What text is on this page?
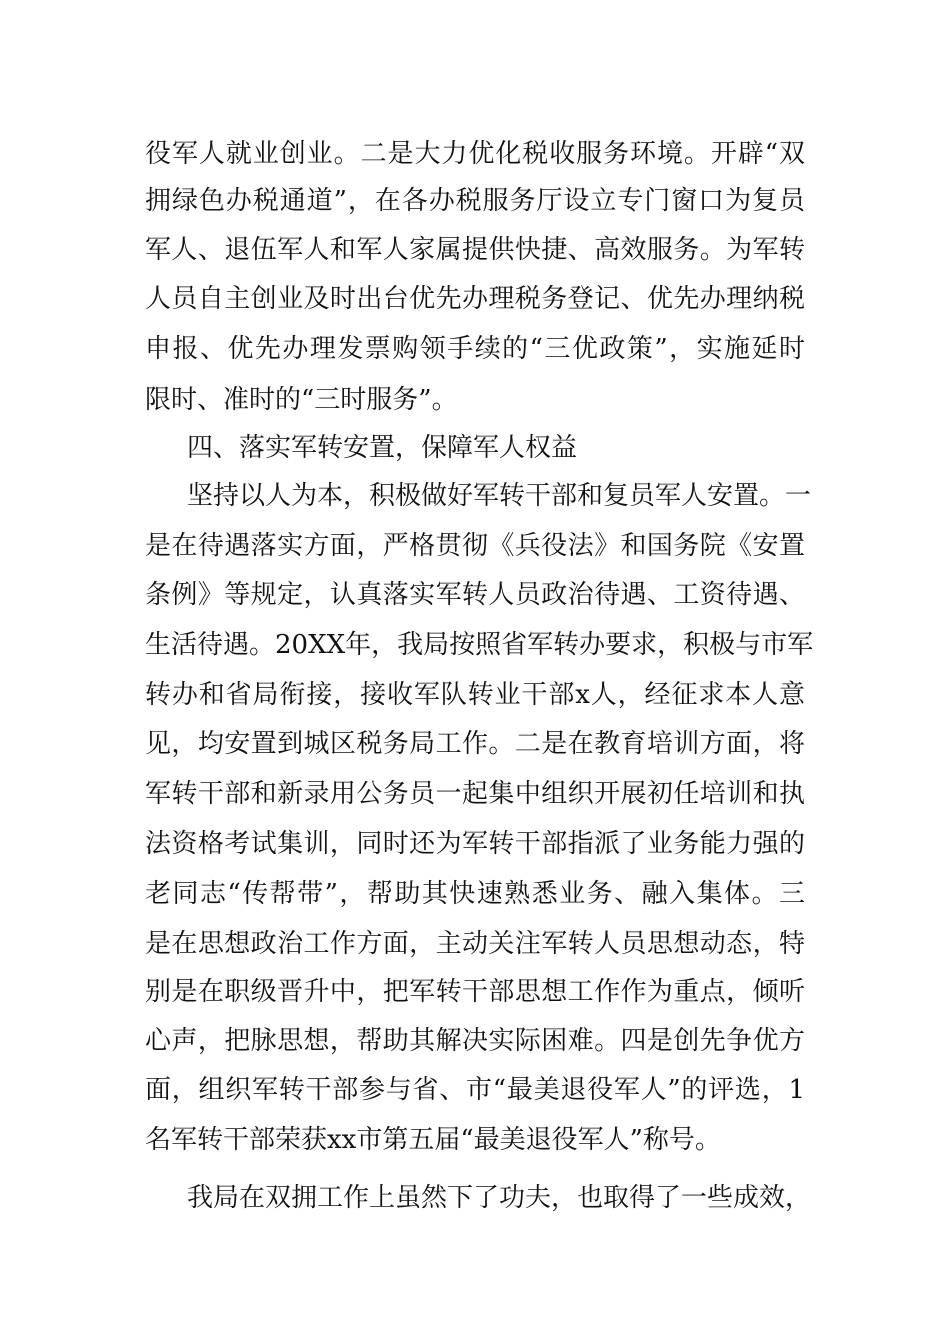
役军人就业创业。二是大力优化税收服务环境。开辟“双
拥绿色办税通道”，在各办税服务厅设立专门窗口为复员
军人、退伍军人和军人家属提供快捷、高效服务。为军转
人员自主创业及时出台优先办理税务登记、优先办理纳税
申报、优先办理发票购领手续的“三优政策”，实施延时
限时、准时的“三时服务”。
四、落实军转安置，保障军人权益
坚持以人为本，积极做好军转干部和复员军人安置。一
是在待遇落实方面，严格贯彻《兵役法》和国务院《安置
条例》等规定，认真落实军转人员政治待遇、工资待遇、
生活待遇。20XX年，我局按照省军转办要求，积极与市军
转办和省局衔接，接收军队转业干部x人，经征求本人意
见，均安置到城区税务局工作。二是在教育培训方面，将
军转干部和新录用公务员一起集中组织开展初任培训和执
法资格考试集训，同时还为军转干部指派了业务能力强的
老同志“传帮带”，帮助其快速熟悉业务、融入集体。三
是在思想政治工作方面，主动关注军转人员思想动态，特
别是在职级晋升中，把军转干部思想工作作为重点，倾听
心声，把脉思想，帮助其解决实际困难。四是创先争优方
面，组织军转干部参与省、市“最美退役军人”的评选，1
名军转干部荣获xx市第五届“最美退役军人”称号。
我局在双拥工作上虽然下了功夫，也取得了一些成效，
